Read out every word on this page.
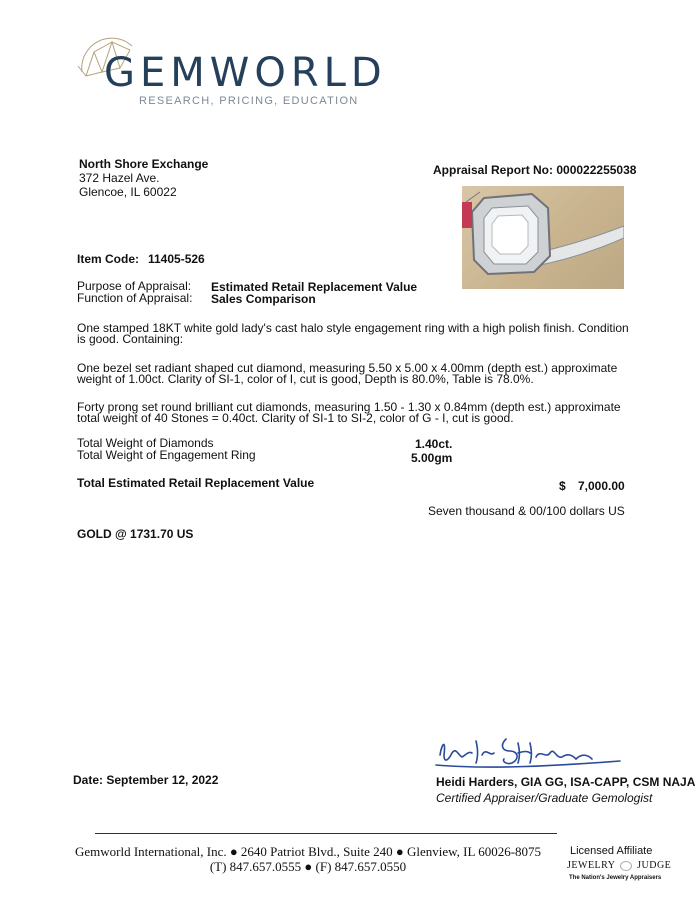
GEMWORLD
RESEARCH, PRICING, EDUCATION
North Shore Exchange
372 Hazel Ave.
Glencoe, IL 60022
Appraisal Report No: 000022255038
Item Code: 11405-526
Purpose of Appraisal: Estimated Retail Replacement Value
Function of Appraisal: Sales Comparison
One stamped 18KT white gold lady's cast halo style engagement ring with a high polish finish. Condition
is good. Containing:
One bezel set radiant shaped cut diamond, measuring 5.50 x 5.00 x 4.00mm (depth est.) approximate
weight of 1.00ct. Clarity of SI-1, color of I, cut is good, Depth is 80.0%, Table is 78.0%.
Forty prong set round brilliant cut diamonds, measuring 1.50 - 1.30 x 0.84mm (depth est.) approximate
total weight of 40 Stones = 0.40ct. Clarity of SI-1 to SI-2, color of G - I, cut is good.
Total Weight of Diamonds	1.40ct.
Total Weight of Engagement Ring	5.00gm
Total Estimated Retail Replacement Value	$ 7,000.00
Seven thousand & 00/100 dollars US
GOLD @ 1731.70 US
Date: September 12, 2022	Heidi Harders, GIA GG, ISA-CAPP, CSM NAJA
Certified Appraiser/Graduate Gemologist
Gemworld International, Inc. ● 2640 Patriot Blvd., Suite 240 ● Glenview, IL 60026-8075
(T) 847.657.0555 ● (F) 847.657.0550
Licensed Affiliate
JEWELRY JUDGE
The Nation's Jewelry Appraisers
